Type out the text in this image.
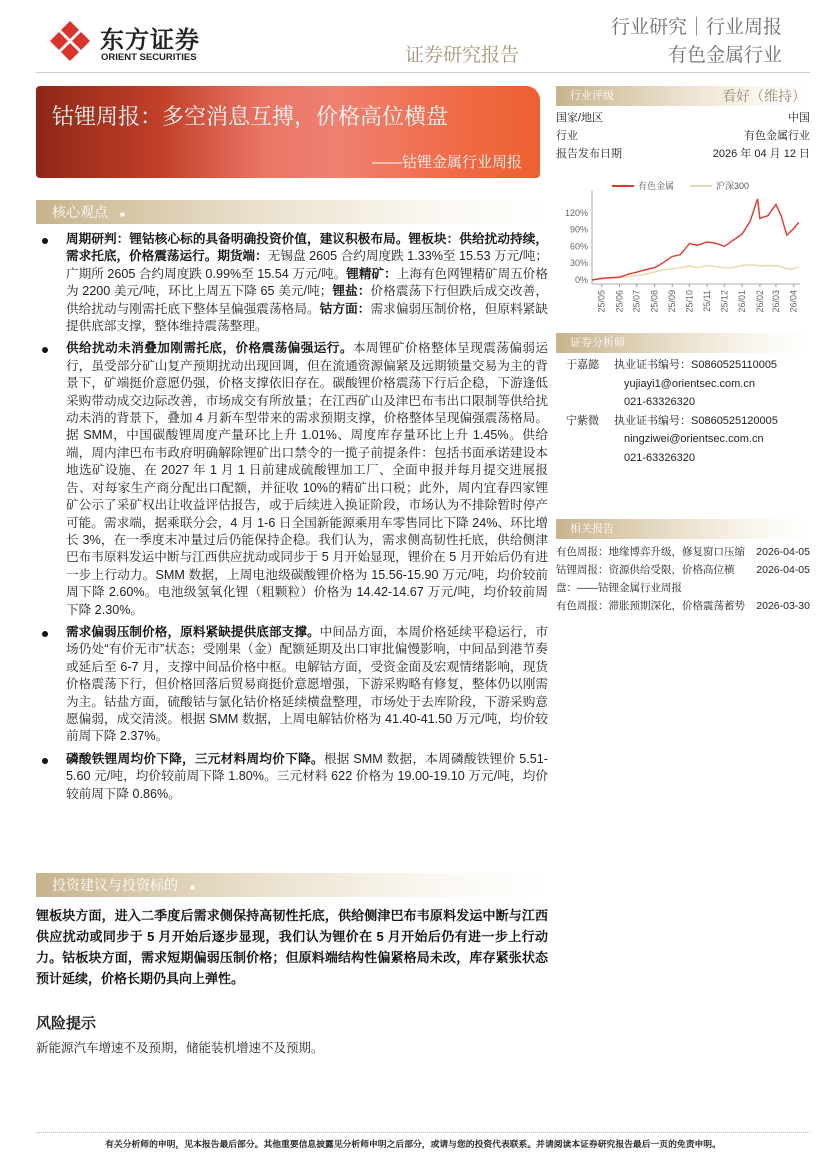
东方证券
ORIENT SECURITIES
行业研究｜行业周报
证券研究报告	有色金属行业
钴锂周报：多空消息互搏，价格高位横盘
——钴锂金属行业周报
核心观点 ■
周期研判：锂钴核心标的具备明确投资价值，建议积极布局。锂板块：供给扰动持续，需求托底，价格震荡运行。期货端：无锡盘 2605 合约周度跌 1.33%至 15.53 万元/吨；广期所 2605 合约周度跌 0.99%至 15.54 万元/吨。锂精矿：上海有色网锂精矿周五价格为 2200 美元/吨，环比上周五下降 65 美元/吨；锂盐：价格震荡下行但跌后成交改善，供给扰动与刚需托底下整体呈偏强震荡格局。钴方面：需求偏弱压制价格，但原料紧缺提供底部支撑，整体维持震荡整理。
供给扰动未消叠加刚需托底，价格震荡偏强运行。本周锂矿价格整体呈现震荡偏弱运行，虽受部分矿山复产预期扰动出现回调，但在流通资源偏紧及远期锁量交易为主的背景下，矿端挺价意愿仍强，价格支撑依旧存在。碳酸锂价格震荡下行后企稳，下游逢低采购带动成交边际改善，市场成交有所放量；在江西矿山及津巴布韦出口限制等供给扰动未消的背景下，叠加 4 月新车型带来的需求预期支撑，价格整体呈现偏强震荡格局。据 SMM，中国碳酸锂周度产量环比上升 1.01%、周度库存量环比上升 1.45%。供给端，周内津巴布韦政府明确解除锂矿出口禁令的一揽子前提条件：包括书面承诺建设本地选矿设施、在 2027 年 1 月 1 日前建成硫酸锂加工厂、全面申报并每月提交进展报告、对每家生产商分配出口配额，并征收 10%的精矿出口税；此外，周内宜春四家锂矿公示了采矿权出让收益评估报告，或于后续进入换证阶段，市场认为不排除暂时停产可能。需求端，据乘联分会，4 月 1-6 日全国新能源乘用车零售同比下降 24%、环比增长 3%，在一季度末冲量过后仍能保持企稳。我们认为，需求侧高韧性托底，供给侧津巴布韦原料发运中断与江西供应扰动或同步于 5 月开始显现，锂价在 5 月开始后仍有进一步上行动力。SMM 数据，上周电池级碳酸锂价格为 15.56-15.90 万元/吨，均价较前周下降 2.60%。电池级氢氧化锂（粗颗粒）价格为 14.42-14.67 万元/吨，均价较前周下降 2.30%。
需求偏弱压制价格，原料紧缺提供底部支撑。中间品方面，本周价格延续平稳运行，市场仍处“有价无市”状态；受刚果（金）配额延期及出口审批偏慢影响，中间品到港节奏或延后至 6-7 月，支撑中间品价格中枢。电解钴方面，受资金面及宏观情绪影响，现货价格震荡下行，但价格回落后贸易商挺价意愿增强，下游采购略有修复，整体仍以刚需为主。钴盐方面，硫酸钴与氯化钴价格延续横盘整理，市场处于去库阶段，下游采购意愿偏弱，成交清淡。根据 SMM 数据，上周电解钴价格为 41.40-41.50 万元/吨，均价较前周下降 2.37%。
磷酸铁锂周均价下降，三元材料周均价下降。根据 SMM 数据，本周磷酸铁锂价 5.51-5.60 元/吨，均价较前周下降 1.80%。三元材料 622 价格为 19.00-19.10 万元/吨，均价较前周下降 0.86%。
投资建议与投资标的 ■
锂板块方面，进入二季度后需求侧保持高韧性托底，供给侧津巴布韦原料发运中断与江西供应扰动或同步于 5 月开始后逐步显现，我们认为锂价在 5 月开始后仍有进一步上行动力。钴板块方面，需求短期偏弱压制价格；但原料端结构性偏紧格局未改，库存紧张状态预计延续，价格长期仍具向上弹性。
风险提示
新能源汽车增速不及预期，储能装机增速不及预期。
有关分析师的申明，见本报告最后部分。其他重要信息披露见分析师申明之后部分，或请与您的投资代表联系。并请阅读本证券研究报告最后一页的免责申明。
行业评级	看好（维持）
国家/地区	中国
行业	有色金属行业
报告发布日期	2026 年 04 月 12 日
有色金属	沪深300
0%
30%
60%
90%
120%
25/05 25/06 25/07 25/08 25/09 25/10 25/11 25/12 26/01 26/02 26/03 26/04
证券分析师
于嘉懿 执业证书编号：S0860525110005
yujiayi1@orientsec.com.cn
021-63326320
宁紫微 执业证书编号：S0860525120005
ningziwei@orientsec.com.cn
021-63326320
相关报告
有色周报：地缘博弈升级，修复窗口压缩	2026-04-05
钴锂周报：资源供给受限，价格高位横盘：——钴锂金属行业周报
2026-04-05
有色周报：滞胀预期深化，价格震荡蓄势	2026-03-30
